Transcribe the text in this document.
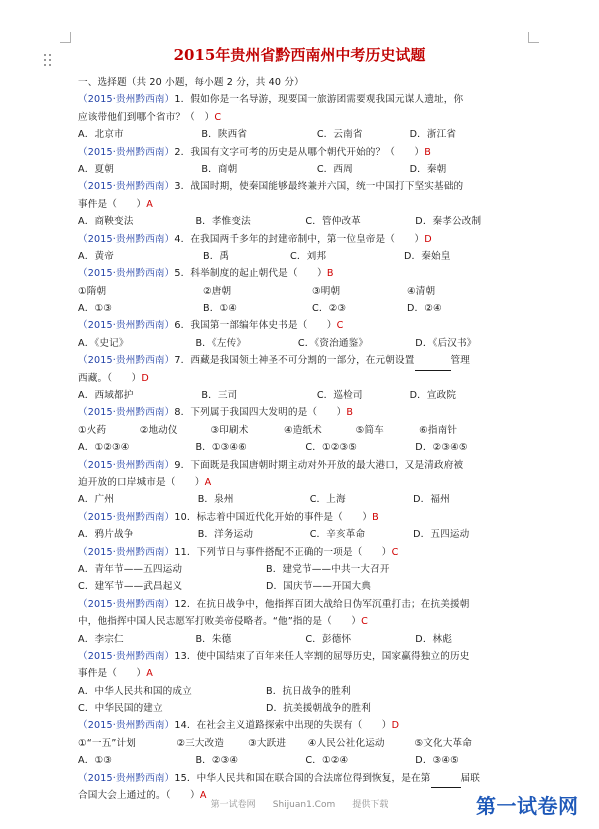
2015年贵州省黔西南州中考历史试题
一、选择题（共 20 小题，每小题 2 分，共 40 分）
（2015·贵州黔西南）1．假如你是一名导游，现要国一旅游团需要观我国元谋人遗址，你
应该带他们到哪个省市？（　）C
A．北京市	B．陕西省	C．云南省	D．浙江省
（2015·贵州黔西南）2．我国有文字可考的历史是从哪个朝代开始的？（　　）B
A．夏朝	B．商朝	C．西周	D．秦朝
（2015·贵州黔西南）3．战国时期，使秦国能够最终兼并六国，统一中国打下坚实基础的
事件是（　　）A
A．商鞅变法	B．孝惟变法	C．管仲改革	D．秦孝公改制
（2015·贵州黔西南）4．在我国两千多年的封建帝制中，第一位皇帝是（　　）D
A．黄帝	B．禹	C．刘邦	D．秦始皇
（2015·贵州黔西南）5．科举制度的起止朝代是（　　）B
①隋朝	②唐朝	③明朝	④清朝
A．①③	B．①④	C．②③	D．②④
（2015·贵州黔西南）6．我国第一部编年体史书是（　　）C
A．《史记》	B．《左传》	C．《资治通鉴》	D．《后汉书》
（2015·贵州黔西南）7．西藏是我国领土神圣不可分割的一部分，在元朝设置	管理
西藏。（　　）D
A．西域都护	B．三司	C．巡检司	D．宣政院
（2015·贵州黔西南）8．下列属于我国四大发明的是（　　）B
①火药	②地动仪	③印刷术	④造纸术	⑤简车	⑥指南针
A．①②③④	B．①③④⑥	C．①②③⑤	D．②③④⑤
（2015·贵州黔西南）9．下面既是我国唐朝时期主动对外开放的最大港口，又是清政府被
迫开放的口岸城市是（　　）A
A．广州	B．泉州	C．上海	D．福州
（2015·贵州黔西南）10．标志着中国近代化开始的事件是（　　）B
A．鸦片战争	B．洋务运动	C．辛亥革命	D．五四运动
（2015·贵州黔西南）11．下列节日与事件搭配不正确的一项是（　　）C
A．青年节——五四运动	B．建党节——中共一大召开
C．建军节——武昌起义	D．国庆节——开国大典
（2015·贵州黔西南）12．在抗日战争中，他指挥百团大战给日伪军沉重打击；在抗美援朝
中，他指挥中国人民志愿军打败美帝侵略者。“他”指的是（　　）C
A．李宗仁	B．朱德	C．彭德怀	D．林彪
（2015·贵州黔西南）13．使中国结束了百年来任人宰割的屈辱历史，国家赢得独立的历史
事件是（　　）A
A．中华人民共和国的成立	B．抗日战争的胜利
C．中华民国的建立	D．抗美援朝战争的胜利
（2015·贵州黔西南）14．在社会主义道路探索中出现的失误有（　　）D
①“一五”计划	②三大改造	③大跃进	④人民公社化运动	⑤文化大革命
A．①③	B．②③④	C．①②④	D．③④⑤
（2015·贵州黔西南）15．中华人民共和国在联合国的合法席位得到恢复，是在第	届联
合国大会上通过的。（　　）A
第一试卷网 Shijuan1.Com 提供下载	第一试卷网
